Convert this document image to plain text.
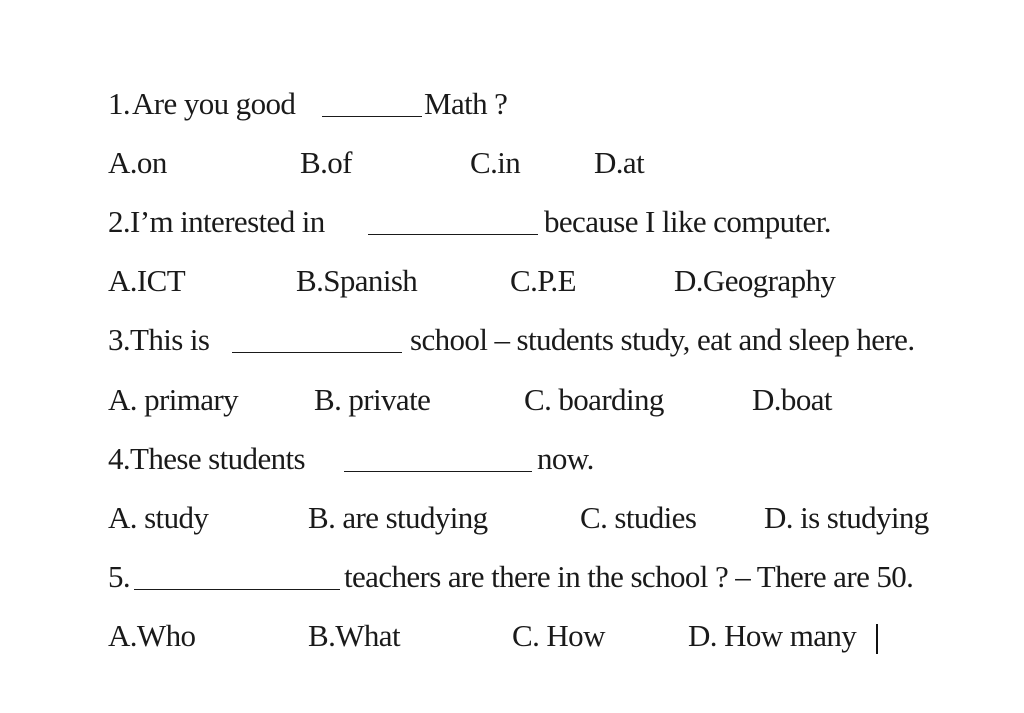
1. Are you good	Math ?
A.on	B.of	C.in D.at
2. I’m interested in	because I like computer.
A.ICT	B.Spanish	C.P.E	D.Geography
3. This is	school – students study, eat and sleep here.
A. primary B. private	C. boarding	D.boat
4. These students	now.
A. study	B. are studying	C. studies D. is studying
5.	teachers are there in the school ? – There are 50.
A.Who	B.What	C. How	D. How many
